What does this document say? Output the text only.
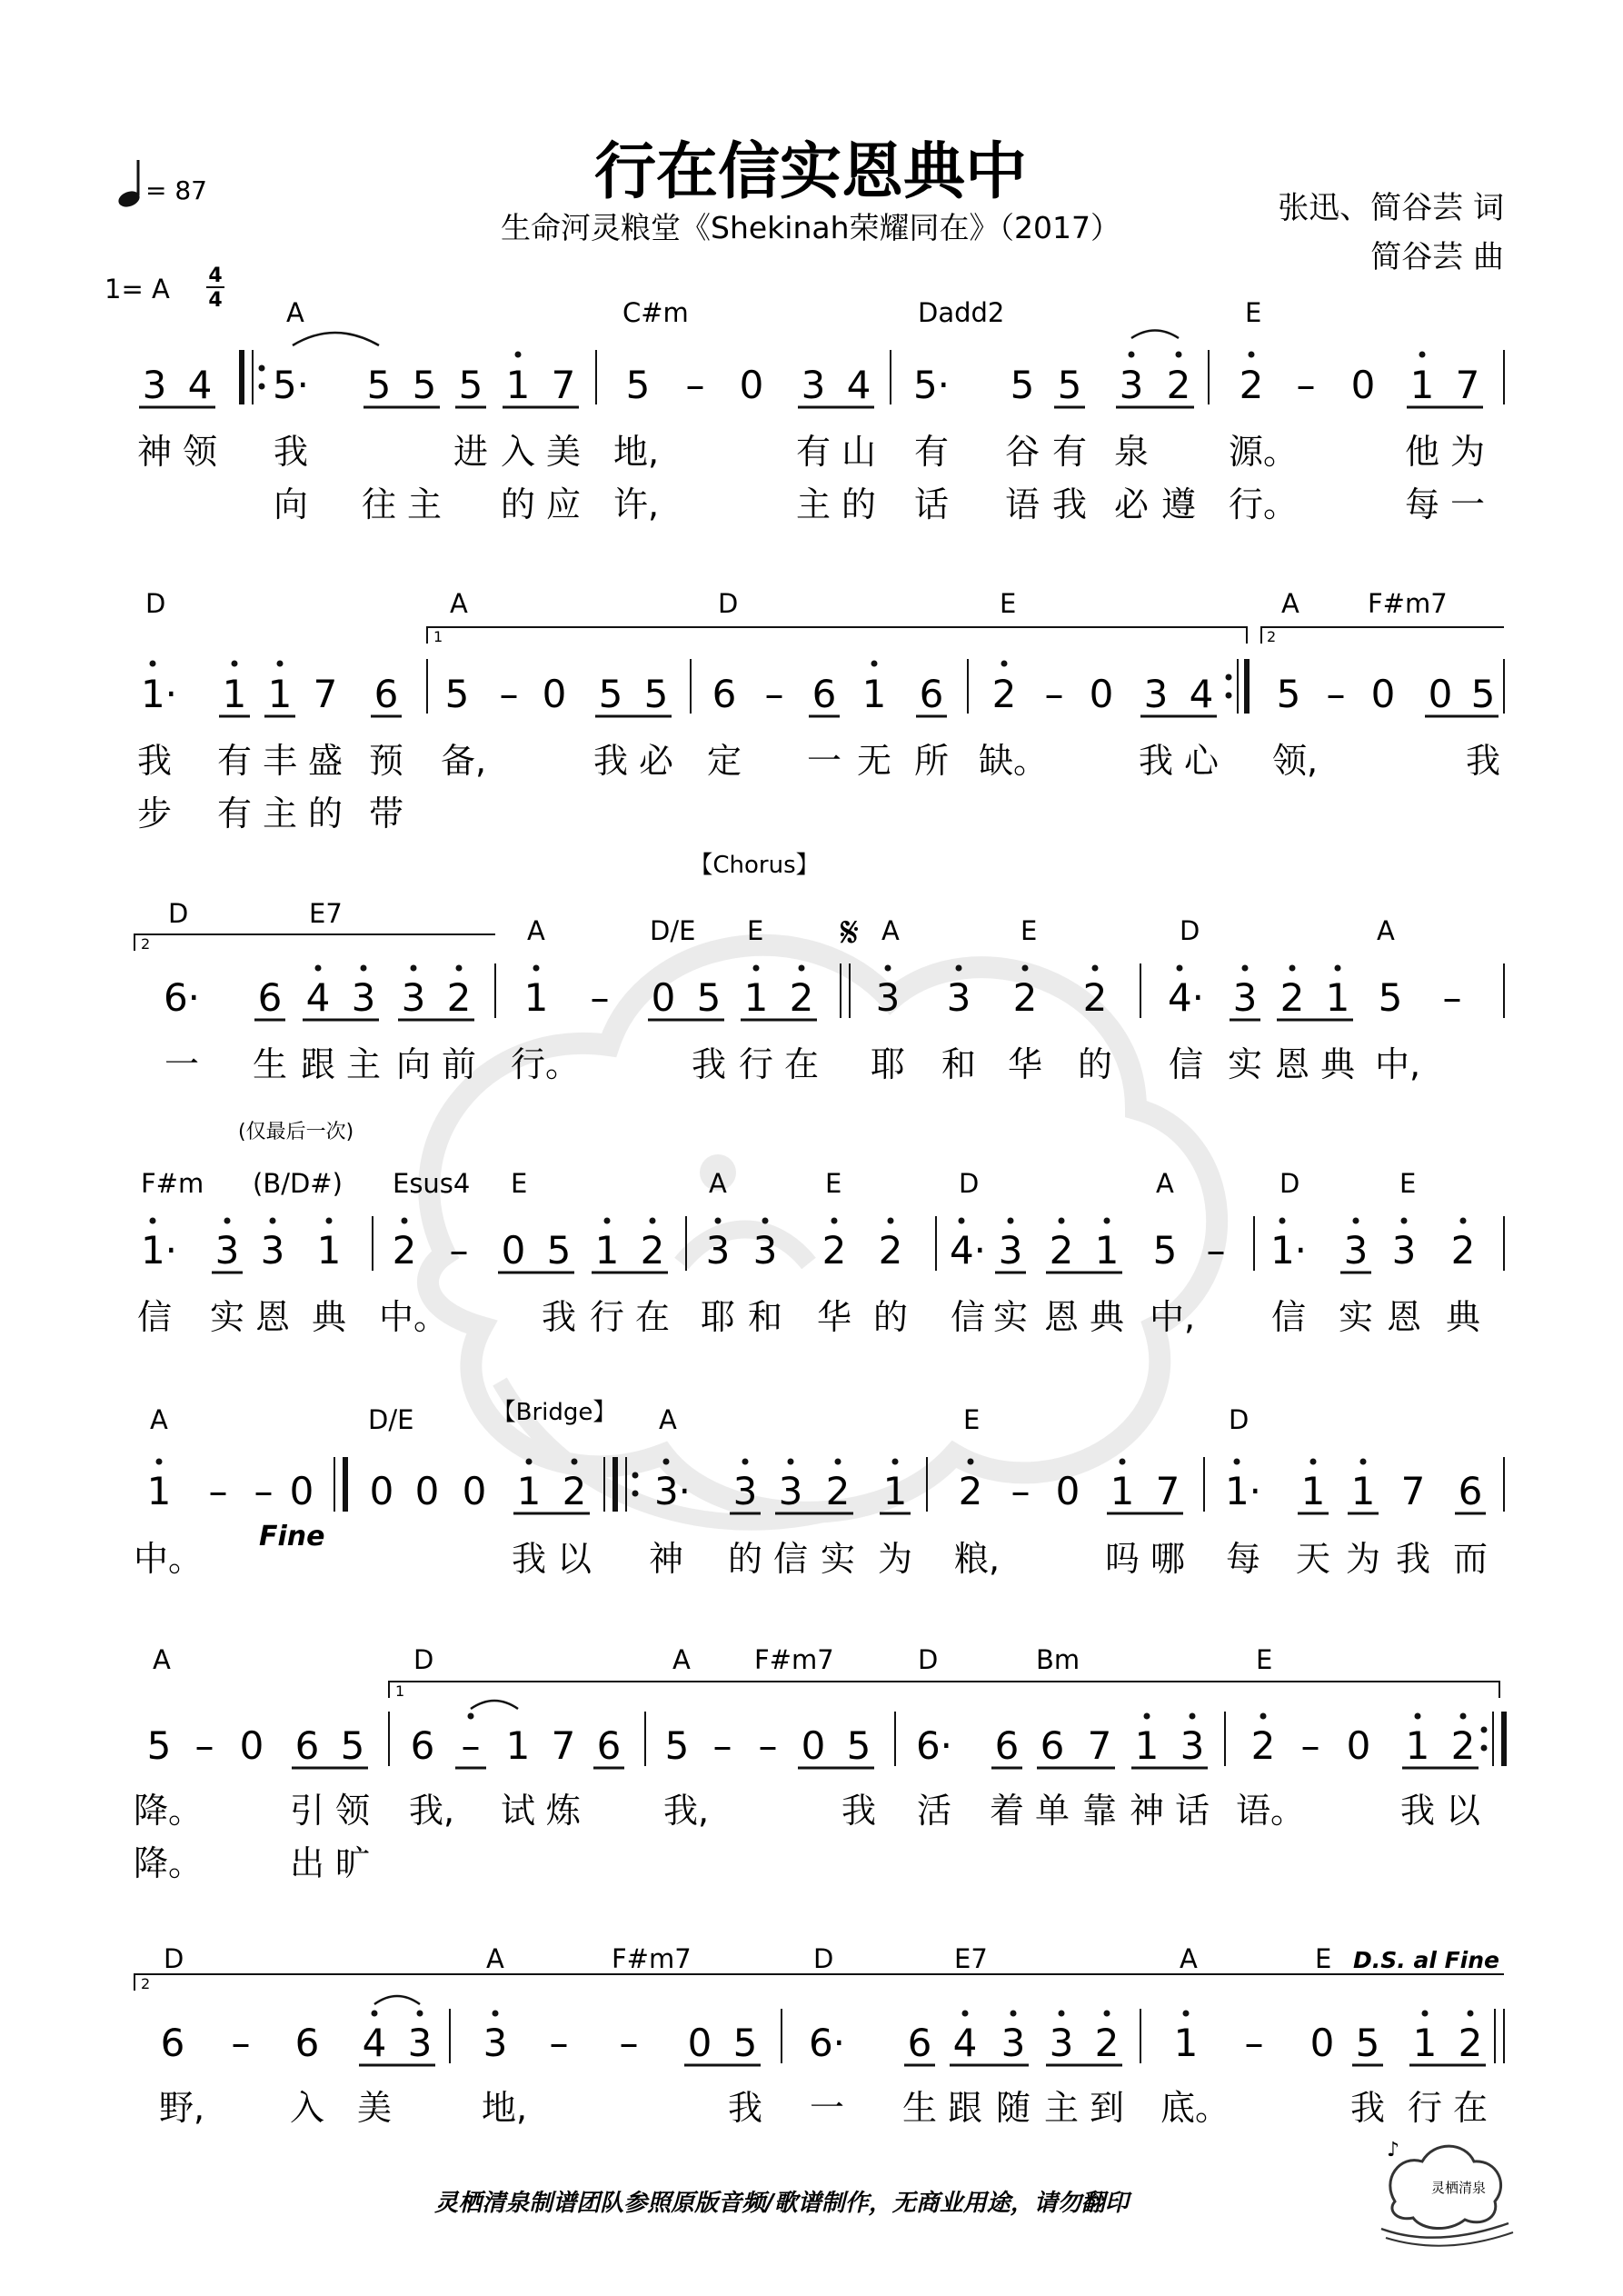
= 87	行在信实恩典中
生命河灵粮堂《Shekinah荣耀同在》（2017）
张迅、简谷芸 词
简谷芸 曲
1= A 4
4 A	C#m	Dadd2	E
3 4 5· 5 5 5 1 7 5 – 0 3 4 5· 5 5 3 2 2 – 0 1 7
神 领 我	进 入 美 地,	有 山 有 谷 有 泉 源。	他 为
向 往 主 的 应 许,	主 的 话 语 我 必 遵 行。	每 一
D	A	D	E	A	F#m7
1	2
1· 1 1 7 6 5 – 0 5 5 6 – 6 1 6 2 – 0 3 4 5 – 0 0 5
我 有 丰 盛 预 备,	我 必 定 一 无 所 缺。	我 心 领,	我
步 有 主 的 带
【Chorus】
2
D	E7
A	D/E E	A	E	D	A
𝄋
6· 6 4 3 3 2 1 – 0 5 1 2 3 3 2 2 4· 3 2 1 5 –
一 生 跟 主 向 前 行。	我 行 在 耶 和 华 的 信 实 恩 典 中,
(仅最后一次)
F#m (B/D#) Esus4 E	A	E	D	A	D	E
1· 3 3 1 2 – 0 5 1 2 3 3 2 2 4· 3 2 1 5 – 1· 3 3 2
信 实 恩 典 中。	我 行 在 耶 和 华 的 信 实 恩 典 中, 信 实 恩 典
【Bridge】
A	D/E	A	E	D
1 – – 0 0 0 0 1 2 3· 3 3 2 1 2 – 0 1 7 1· 1 1 7 6
Fine
中。	我 以 神 的 信 实 为 粮,	吗 哪 每 天 为 我 而
A	D	A F#m7	D	Bm	E
1
5 – 0 6 5 6 – 1 7 6 5 – – 0 5 6· 6 6 7 1 3 2 – 0 1 2
降。	引 领 我, 试 炼 我,	我 活 着 单 靠 神 话 语。	我 以
降。	出 旷
2
D	A	F#m7	D	E7	A	E D.S. al Fine
6 – 6 4 3 3 – – 0 5 6· 6 4 3 3 2 1 – 0 5 1 2
野, 入 美	地,	我 一 生 跟 随 主 到 底。	我 行 在
灵栖清泉制谱团队参照原版音频/歌谱制作，无商业用途，请勿翻印
♪
灵栖清泉
